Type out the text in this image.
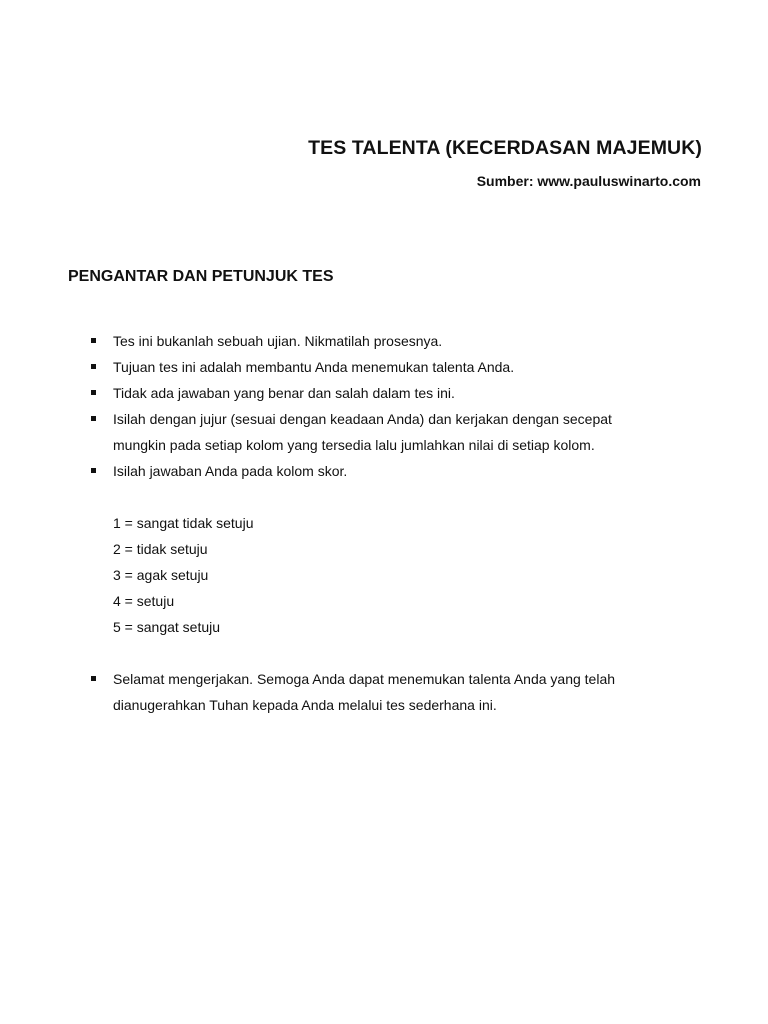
TES TALENTA (KECERDASAN MAJEMUK)
Sumber: www.pauluswinarto.com
PENGANTAR DAN PETUNJUK TES
Tes ini bukanlah sebuah ujian. Nikmatilah prosesnya.
Tujuan tes ini adalah membantu Anda menemukan talenta Anda.
Tidak ada jawaban yang benar dan salah dalam tes ini.
Isilah dengan jujur (sesuai dengan keadaan Anda) dan kerjakan dengan secepat
mungkin pada setiap kolom yang tersedia lalu jumlahkan nilai di setiap kolom.
Isilah jawaban Anda pada kolom skor.
1 = sangat tidak setuju
2 = tidak setuju
3 = agak setuju
4 = setuju
5 = sangat setuju
Selamat mengerjakan. Semoga Anda dapat menemukan talenta Anda yang telah
dianugerahkan Tuhan kepada Anda melalui tes sederhana ini.
